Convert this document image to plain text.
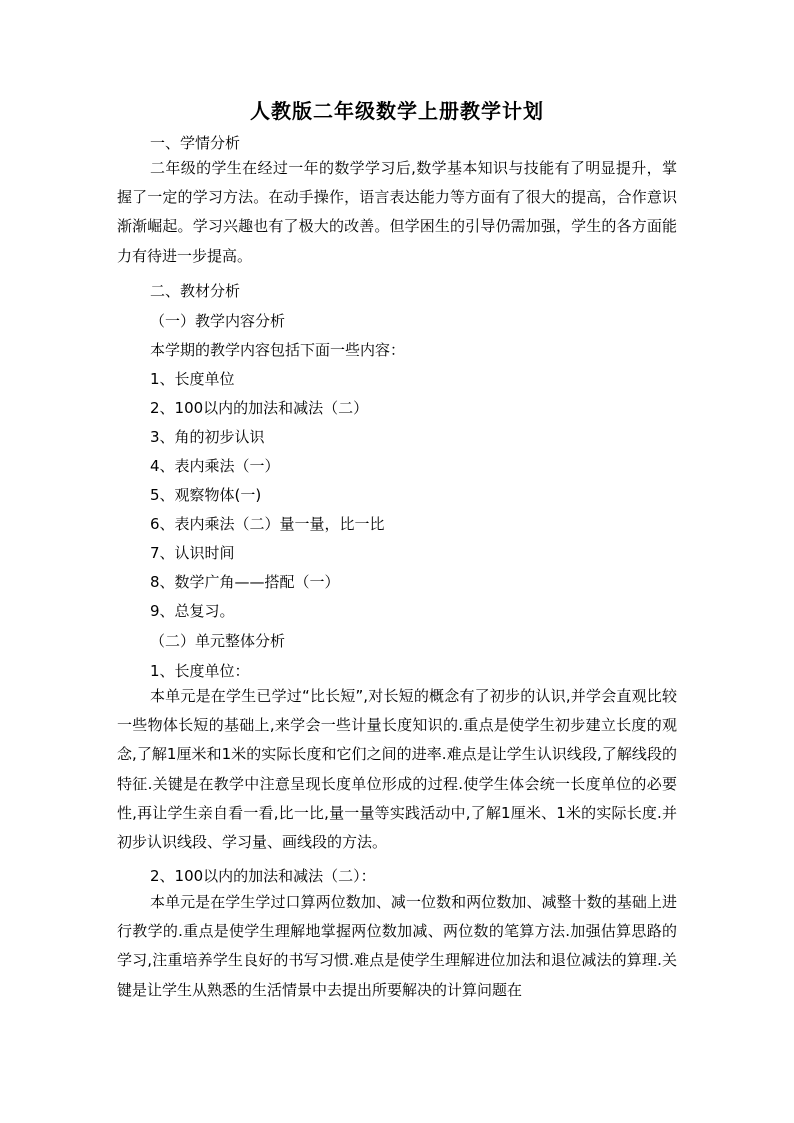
人教版二年级数学上册教学计划
一、学情分析
二年级的学生在经过一年的数学学习后,数学基本知识与技能有了明显提升，掌握了一定的学习方法。在动手操作，语言表达能力等方面有了很大的提高，合作意识渐渐崛起。学习兴趣也有了极大的改善。但学困生的引导仍需加强，学生的各方面能力有待进一步提高。
二、教材分析
（一）教学内容分析
本学期的教学内容包括下面一些内容：
1、长度单位
2、100以内的加法和减法（二）
3、角的初步认识
4、表内乘法（一）
5、观察物体(一)
6、表内乘法（二）量一量，比一比
7、认识时间
8、数学广角——搭配（一）
9、总复习。
（二）单元整体分析
1、长度单位：
本单元是在学生已学过“比长短”,对长短的概念有了初步的认识,并学会直观比较一些物体长短的基础上,来学会一些计量长度知识的.重点是使学生初步建立长度的观念,了解1厘米和1米的实际长度和它们之间的进率.难点是让学生认识线段,了解线段的特征.关键是在教学中注意呈现长度单位形成的过程.使学生体会统一长度单位的必要性,再让学生亲自看一看,比一比,量一量等实践活动中,了解1厘米、1米的实际长度.并初步认识线段、学习量、画线段的方法。
2、100以内的加法和减法（二）：
本单元是在学生学过口算两位数加、减一位数和两位数加、减整十数的基础上进行教学的.重点是使学生理解地掌握两位数加减、两位数的笔算方法.加强估算思路的学习,注重培养学生良好的书写习惯.难点是使学生理解进位加法和退位减法的算理.关键是让学生从熟悉的生活情景中去提出所要解决的计算问题在
